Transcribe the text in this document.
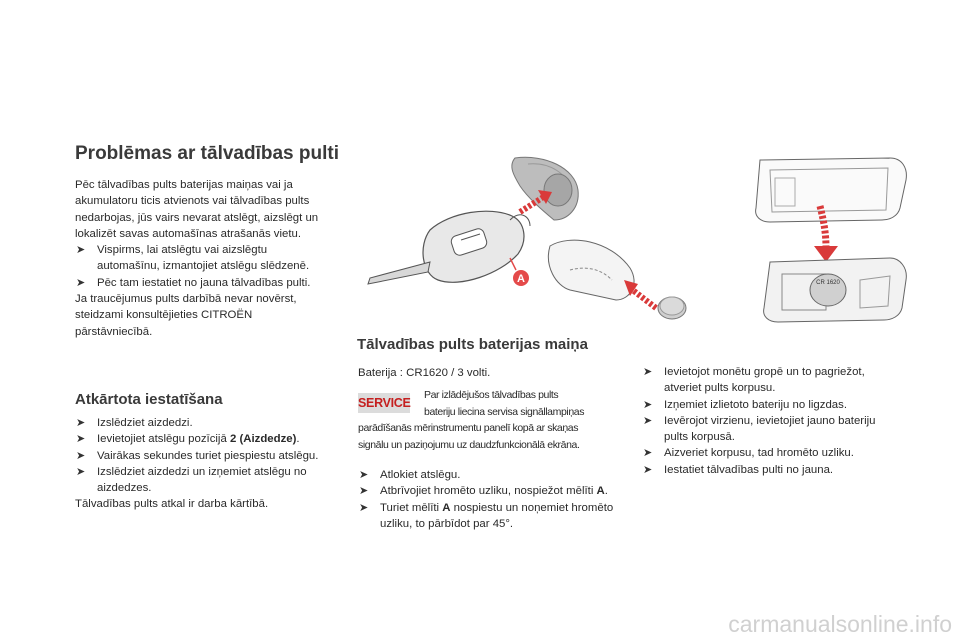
Problēmas ar tālvadības pulti

Pēc tālvadības pults baterijas maiņas vai ja akumulatoru ticis atvienots vai tālvadības pults nedarbojas, jūs vairs nevarat atslēgt, aizslēgt un lokalizēt savas automašīnas atrašanās vietu.

➤ Vispirms, lai atslēgtu vai aizslēgtu automašīnu, izmantojiet atslēgu slēdzenē.

➤ Pēc tam iestatiet no jauna tālvadības pulti.

Ja traucējumus pults darbībā nevar novērst, steidzami konsultējieties CITROËN pārstāvniecībā.

Atkārtota iestatīšana

➤ Izslēdziet aizdedzi.

➤ Ievietojiet atslēgu pozīcijā 2 (Aizdedze).

➤ Vairākas sekundes turiet piespiestu atslēgu.

➤ Izslēdziet aizdedzi un izņemiet atslēgu no aizdedzes.

Tālvadības pults atkal ir darba kārtībā.

A	CR 1620
Tālvadības pults baterijas maiņa
Baterija : CR1620 / 3 volti.
SERVICE
Par izlādējušos tālvadības pults
bateriju liecina servisa signāllampiņas
parādīšanās mērinstrumentu panelī kopā ar skaņas
signālu un paziņojumu uz daudzfunkcionālā ekrāna.

➤ Atlokiet atslēgu.

➤ Atbrīvojiet hromēto uzliku, nospiežot mēlīti A.

➤ Turiet mēlīti A nospiestu un noņemiet hromēto uzliku, to pārbīdot par 45°.

➤ Ievietojot monētu gropē un to pagriežot, atveriet pults korpusu.

➤ Izņemiet izlietoto bateriju no ligzdas.

➤ Ievērojot virzienu, ievietojiet jauno bateriju pults korpusā.

➤ Aizveriet korpusu, tad hromēto uzliku.

➤ Iestatiet tālvadības pulti no jauna.

carmanualsonline.info
